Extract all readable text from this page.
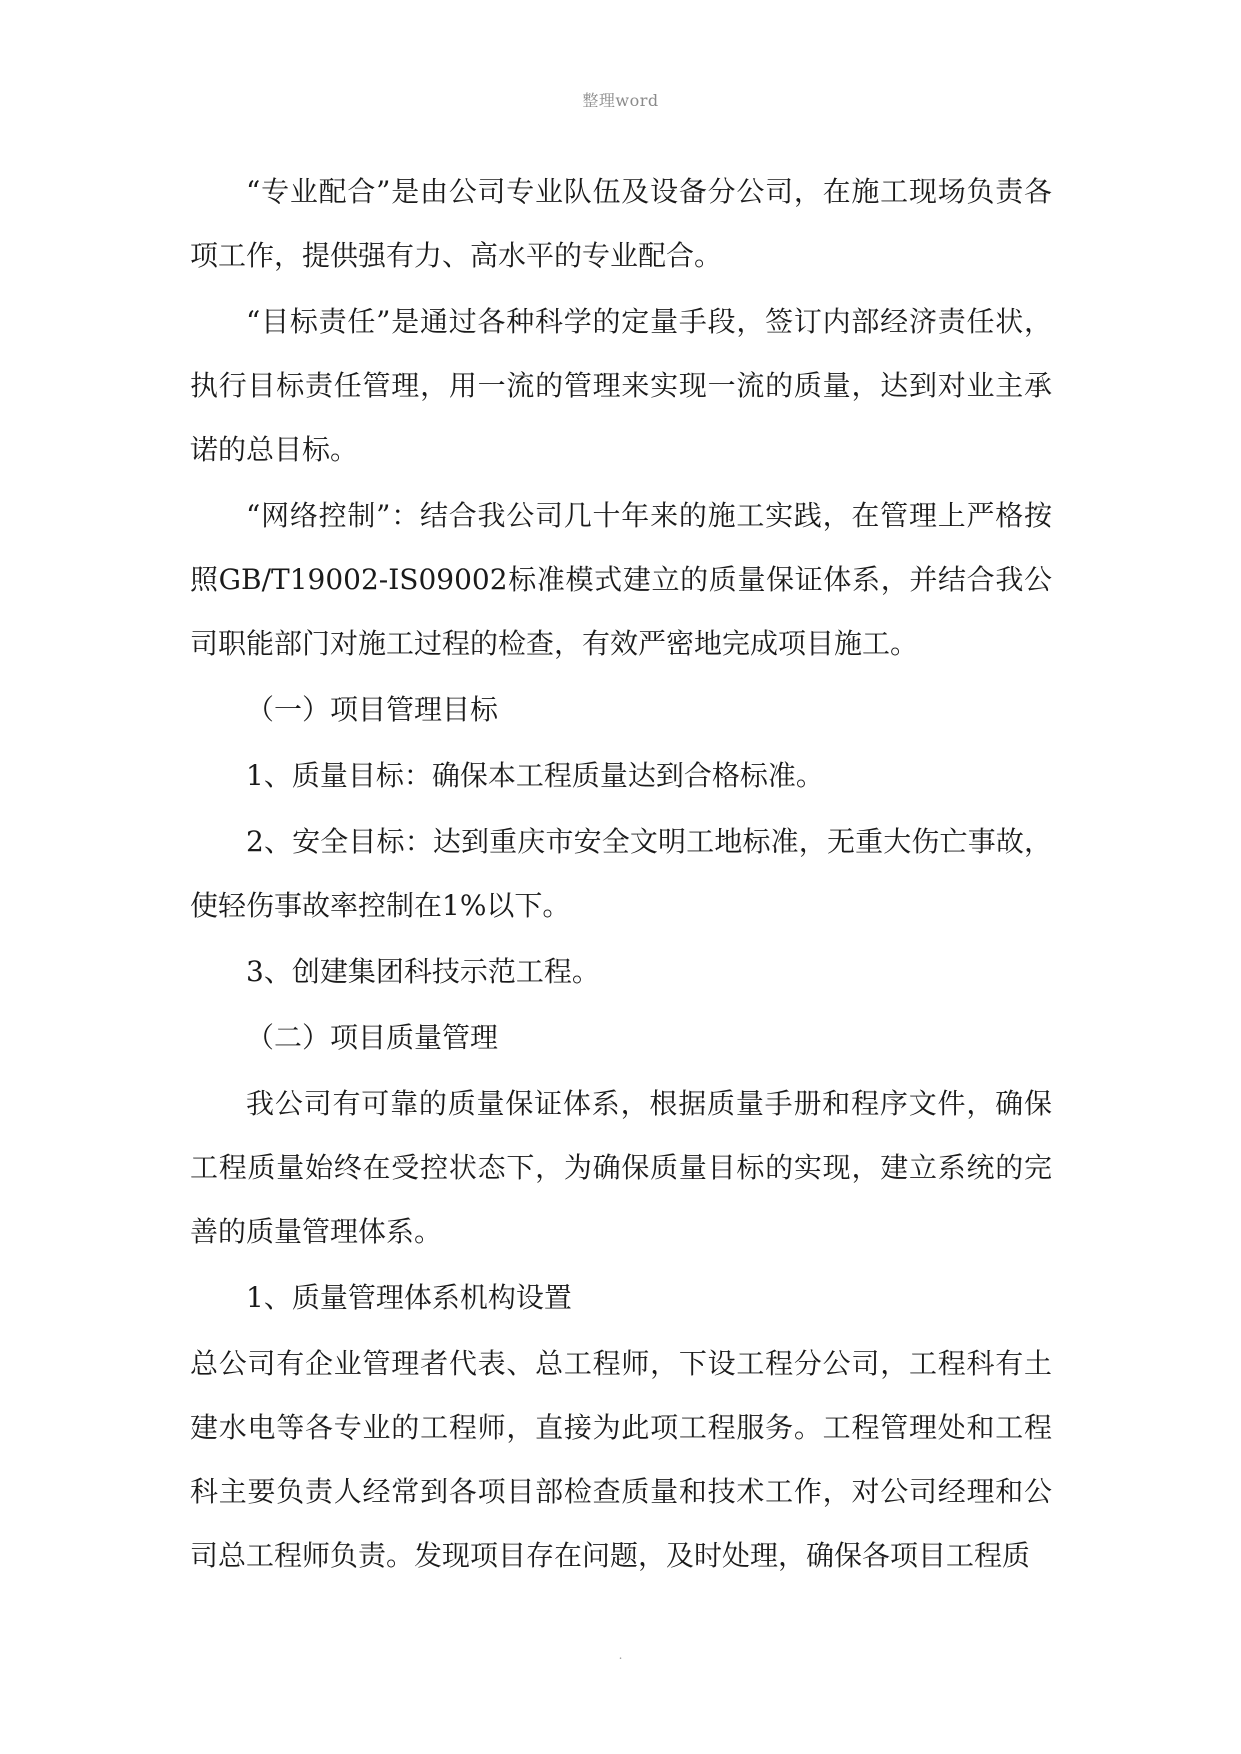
整理word

“专业配合”是由公司专业队伍及设备分公司，在施工现场负责各项工作，提供强有力、高水平的专业配合。

“目标责任”是通过各种科学的定量手段，签订内部经济责任状，执行目标责任管理，用一流的管理来实现一流的质量，达到对业主承诺的总目标。

“网络控制”：结合我公司几十年来的施工实践，在管理上严格按照GB/T19002-IS09002标准模式建立的质量保证体系，并结合我公司职能部门对施工过程的检查，有效严密地完成项目施工。

（一）项目管理目标

1、质量目标：确保本工程质量达到合格标准。

2、安全目标：达到重庆市安全文明工地标准，无重大伤亡事故，使轻伤事故率控制在1%以下。

3、创建集团科技示范工程。

（二）项目质量管理

我公司有可靠的质量保证体系，根据质量手册和程序文件，确保工程质量始终在受控状态下，为确保质量目标的实现，建立系统的完善的质量管理体系。

1、质量管理体系机构设置

总公司有企业管理者代表、总工程师，下设工程分公司，工程科有土建水电等各专业的工程师，直接为此项工程服务。工程管理处和工程科主要负责人经常到各项目部检查质量和技术工作，对公司经理和公司总工程师负责。发现项目存在问题，及时处理，确保各项目工程质

.
